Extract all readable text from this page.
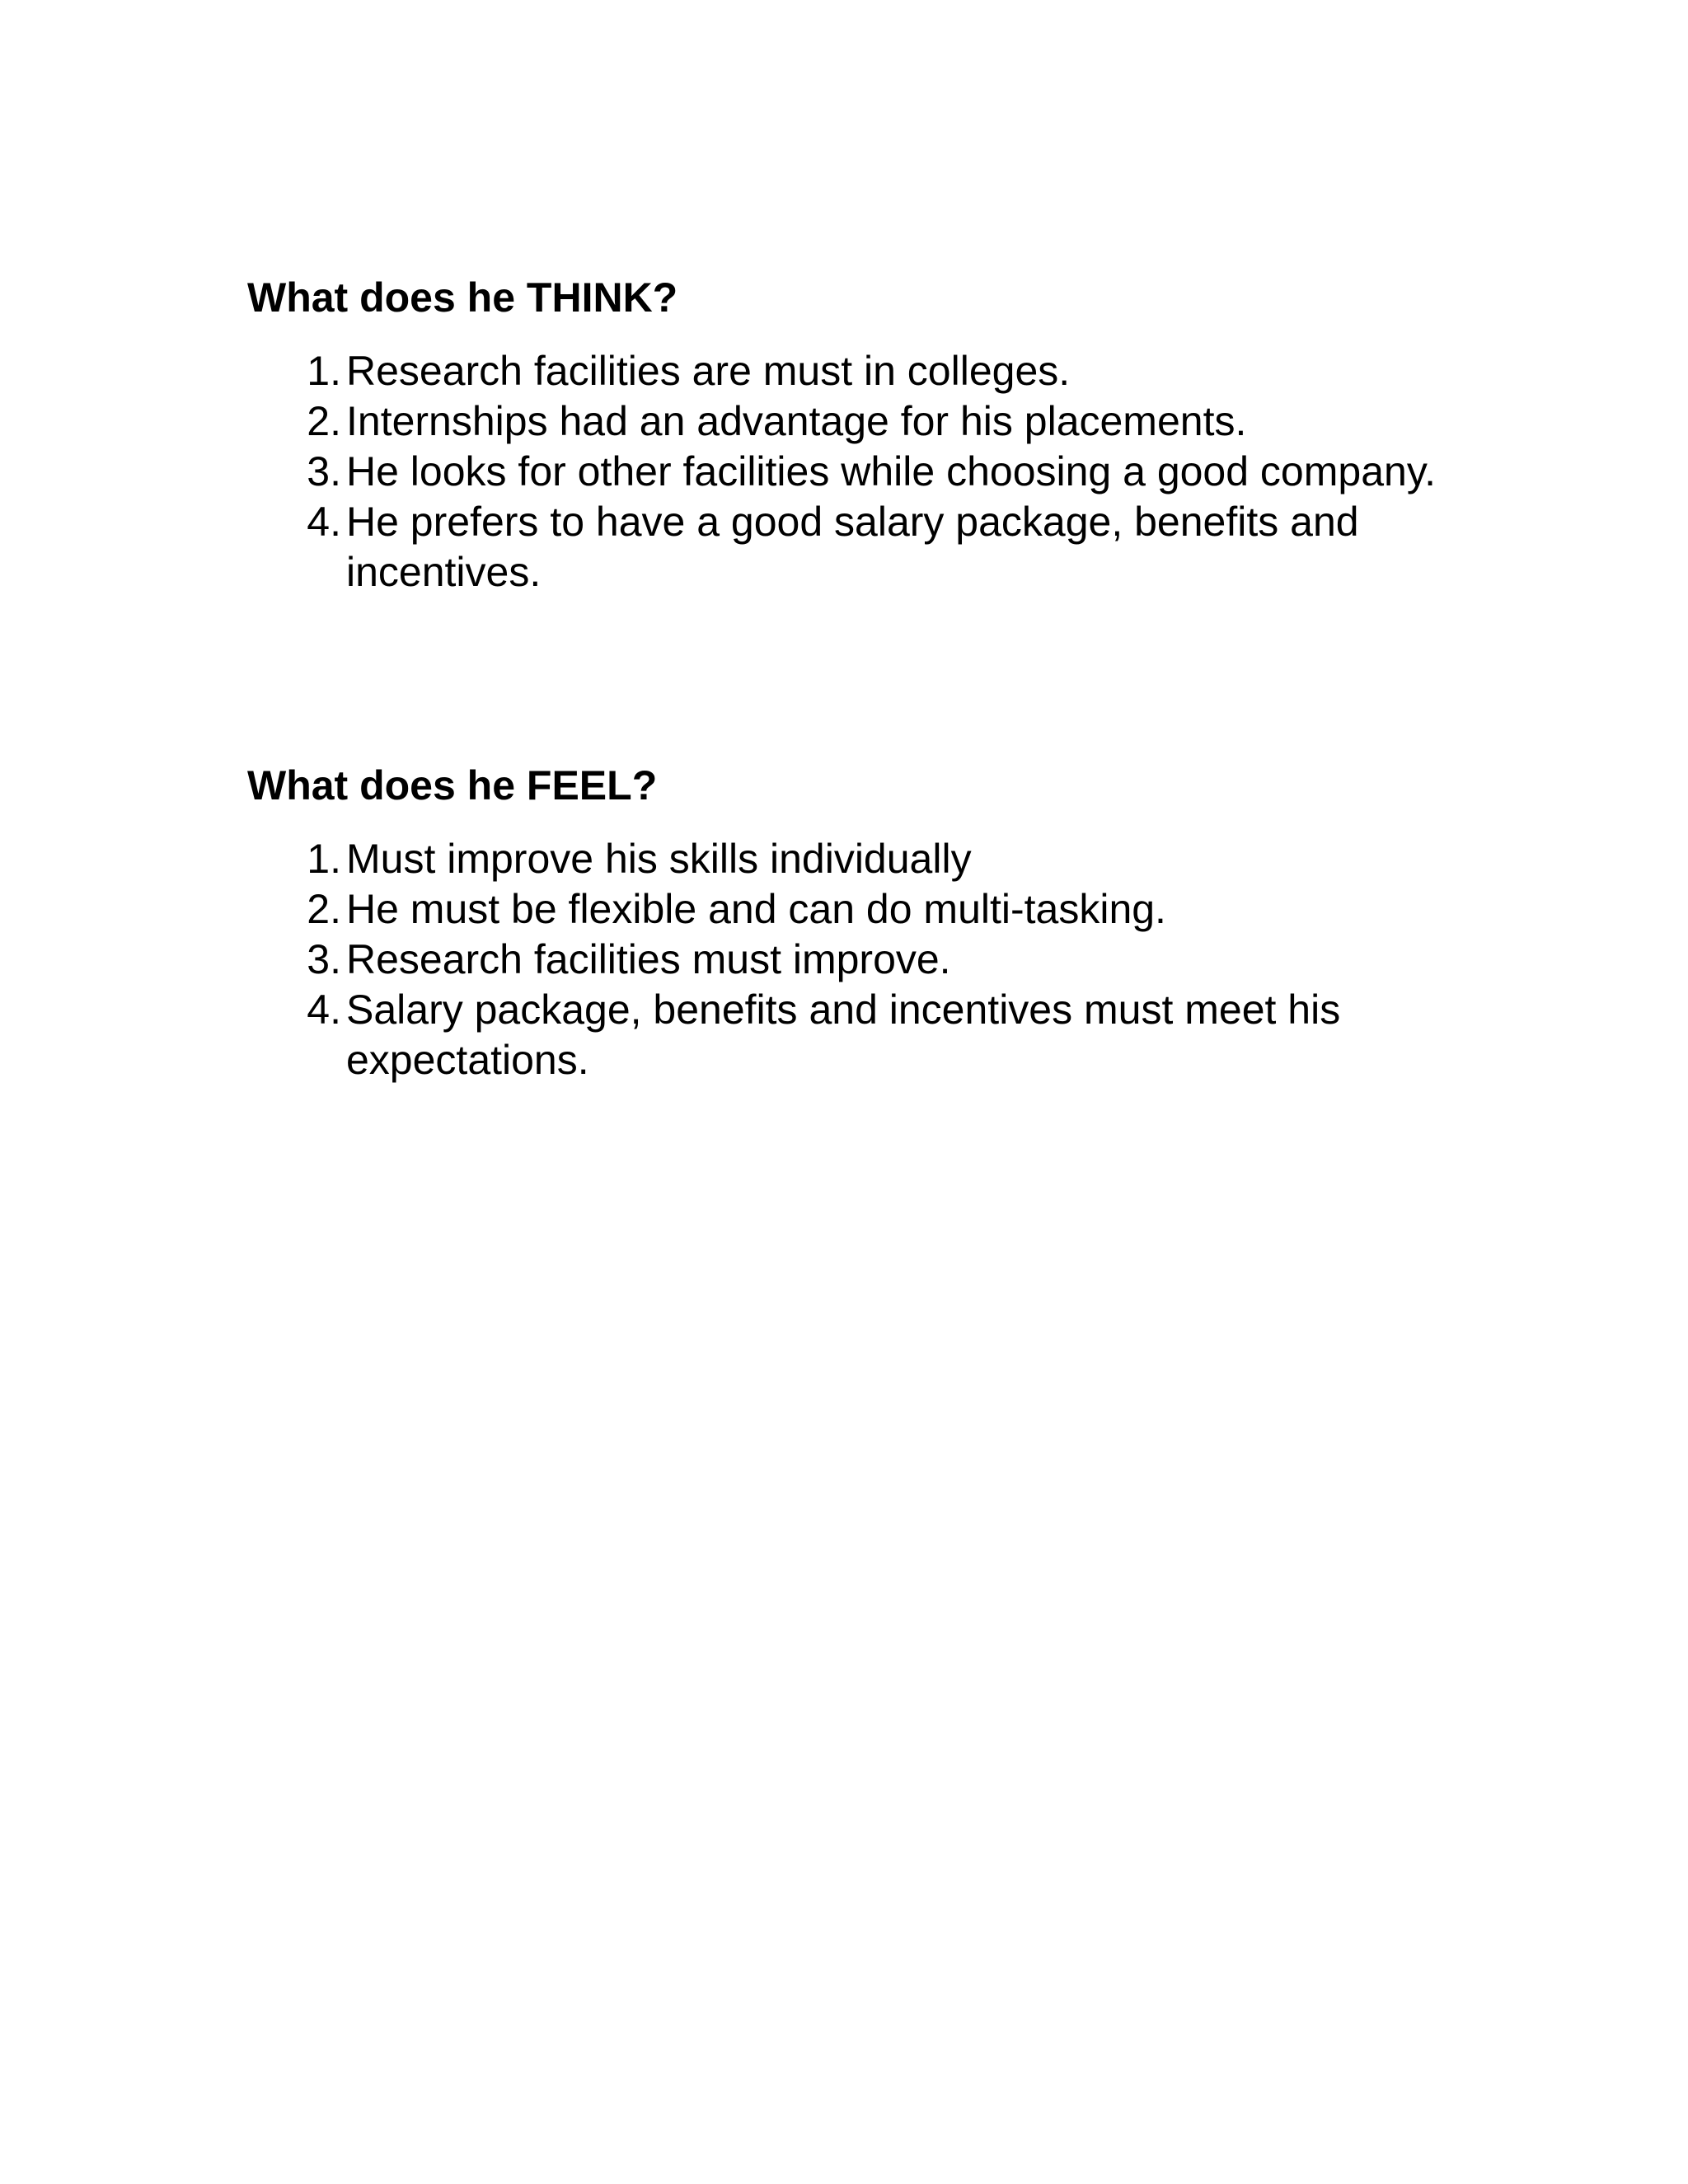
What does he THINK?
1 . Research facilities are must in colleges.
2 . Internships had an advantage for his placements.
3 . He looks for other facilities while choosing a good company.
4 . He prefers to have a good salary package, benefits and incentives.
What does he FEEL?
1 . Must improve his skills individually
2 . He must be flexible and can do multi-tasking.
3 . Research facilities must improve.
4 . Salary package, benefits and incentives must meet his expectations.
